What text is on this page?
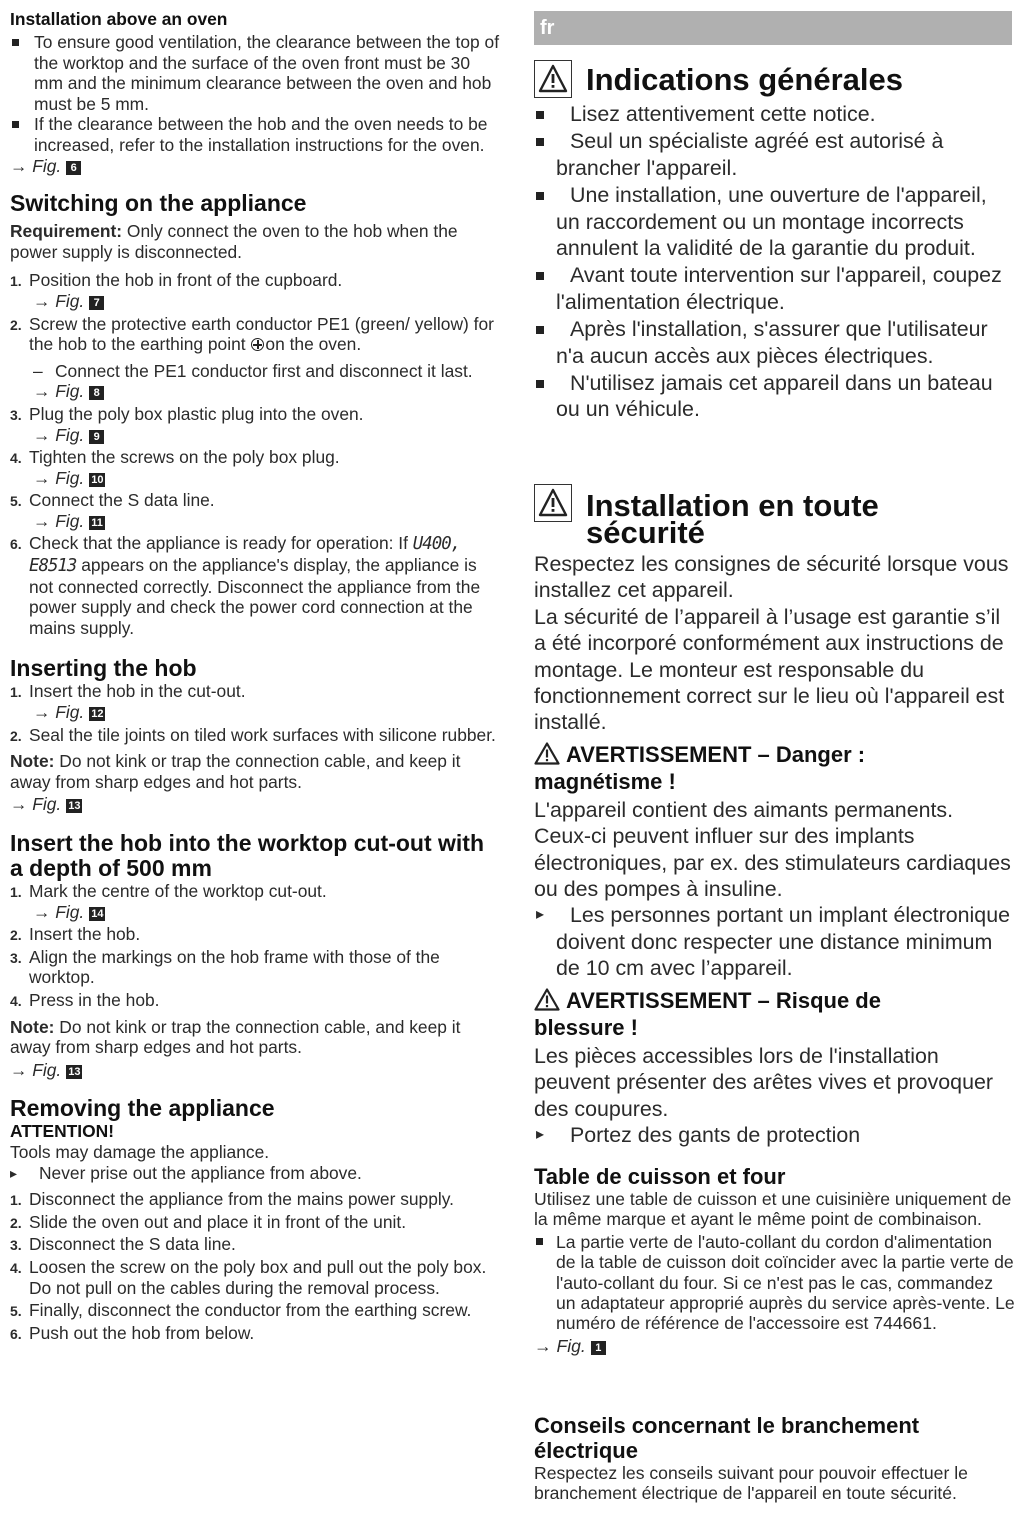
Installation above an oven

To ensure good ventilation, the clearance between the top of the worktop and the surface of the oven front must be 30 mm and the minimum clearance between the oven and hob must be 5 mm.

If the clearance between the hob and the oven needs to be increased, refer to the installation instructions for the oven.

→ Fig. 6

Switching on the appliance

Requirement: Only connect the oven to the hob when the power supply is disconnected.

1. Position the hob in front of the cupboard.
→ Fig. 7
2. Screw the protective earth conductor PE1 (green/ yellow) for the hob to the earthing point on the oven.
– Connect the PE1 conductor first and disconnect it last.
→ Fig. 8
3. Plug the poly box plastic plug into the oven.
→ Fig. 9
4. Tighten the screws on the poly box plug.
→ Fig. 10
5. Connect the S data line.
→ Fig. 11
6. Check that the appliance is ready for operation: If U400, E8513 appears on the appliance's display, the appliance is not connected correctly. Disconnect the appliance from the power supply and check the power cord connection at the mains supply.
Inserting the hob
1. Insert the hob in the cut-out.
→ Fig. 12
2. Seal the tile joints on tiled work surfaces with silicone rubber.

Note: Do not kink or trap the connection cable, and keep it away from sharp edges and hot parts.

→ Fig. 13

Insert the hob into the worktop cut-out with a depth of 500 mm
1. Mark the centre of the worktop cut-out.
→ Fig. 14
2. Insert the hob.
3. Align the markings on the hob frame with those of the worktop.
4. Press in the hob.

Note: Do not kink or trap the connection cable, and keep it away from sharp edges and hot parts.

→ Fig. 13

Removing the appliance

ATTENTION!

Tools may damage the appliance.

▸ Never prise out the appliance from above.

1. Disconnect the appliance from the mains power supply.
2. Slide the oven out and place it in front of the unit.
3. Disconnect the S data line.
4. Loosen the screw on the poly box and pull out the poly box. Do not pull on the cables during the removal process.
5. Finally, disconnect the conductor from the earthing screw.
6. Push out the hob from below.
fr
Indications générales

Lisez attentivement cette notice.

Seul un spécialiste agréé est autorisé à brancher l'appareil.

Une installation, une ouverture de l'appareil, un raccordement ou un montage incorrects annulent la validité de la garantie du produit.

Avant toute intervention sur l'appareil, coupez l'alimentation électrique.

Après l'installation, s'assurer que l'utilisateur n'a aucun accès aux pièces électriques.

N'utilisez jamais cet appareil dans un bateau ou un véhicule.

Installation en toute
sécurité

Respectez les consignes de sécurité lorsque vous installez cet appareil.

La sécurité de l’appareil à l’usage est garantie s’il a été incorporé conformément aux instructions de montage. Le monteur est responsable du fonctionnement correct sur le lieu où l'appareil est installé.

AVERTISSEMENT – Danger :
magnétisme !

L'appareil contient des aimants permanents. Ceux-ci peuvent influer sur des implants électroniques, par ex. des stimulateurs cardiaques ou des pompes à insuline.

▸ Les personnes portant un implant électronique doivent donc respecter une distance minimum de 10 cm avec l’appareil.

AVERTISSEMENT – Risque de
blessure !

Les pièces accessibles lors de l'installation peuvent présenter des arêtes vives et provoquer des coupures.

▸ Portez des gants de protection

Table de cuisson et four

Utilisez une table de cuisson et une cuisinière uniquement de la même marque et ayant le même point de combinaison.

La partie verte de l'auto-collant du cordon d'alimentation de la table de cuisson doit coïncider avec la partie verte de l'auto-collant du four. Si ce n'est pas le cas, commandez un adaptateur approprié auprès du service après-vente. Le numéro de référence de l'accessoire est 744661.

→ Fig. 1

Conseils concernant le branchement
électrique

Respectez les conseils suivant pour pouvoir effectuer le branchement électrique de l'appareil en toute sécurité.
